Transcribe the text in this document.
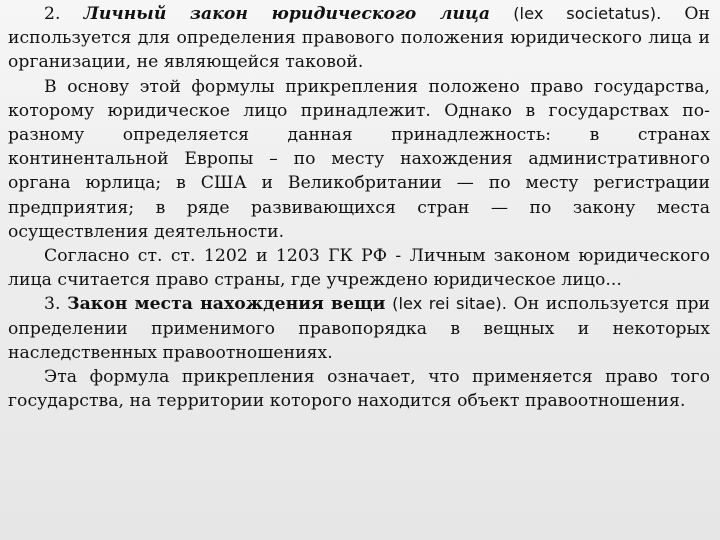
2. Личный закон юридического лица (lex societatus). Он используется для определения правового положения юридического лица и организации, не являющейся таковой.

В основу этой формулы прикрепления положено право государства, которому юридическое лицо принадлежит. Однако в государствах по-разному определяется данная принадлежность: в странах континентальной Европы – по месту нахождения административного органа юрлица; в США и Великобритании — по месту регистрации предприятия; в ряде развивающихся стран — по закону места осуществления деятельности.

Согласно ст. ст. 1202 и 1203 ГК РФ - Личным законом юридического лица считается право страны, где учреждено юридическое лицо...

3. Закон места нахождения вещи (lex rei sitae). Он используется при определении применимого правопорядка в вещных и некоторых наследственных правоотношениях.

Эта формула прикрепления означает, что применяется право того государства, на территории которого находится объект правоотношения.
